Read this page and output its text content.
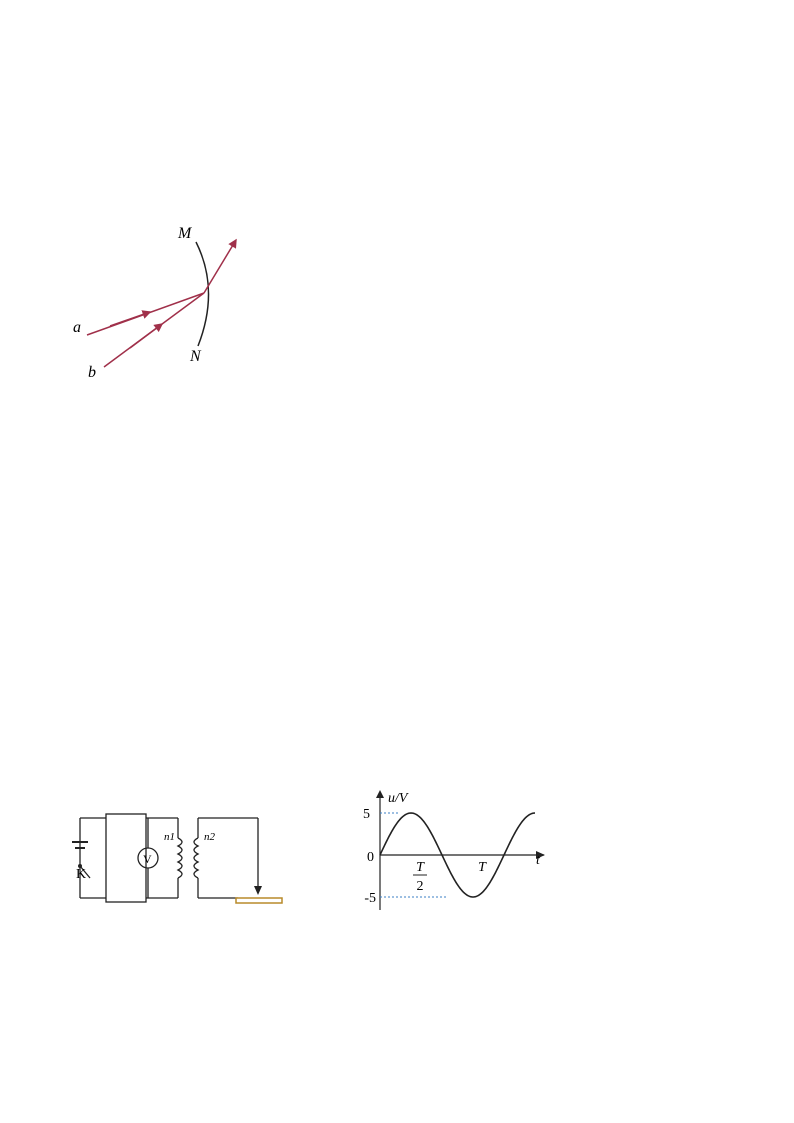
M
N
a
b
K
V
n1	n2
u/V
t
5
0
-5
T
2
T
